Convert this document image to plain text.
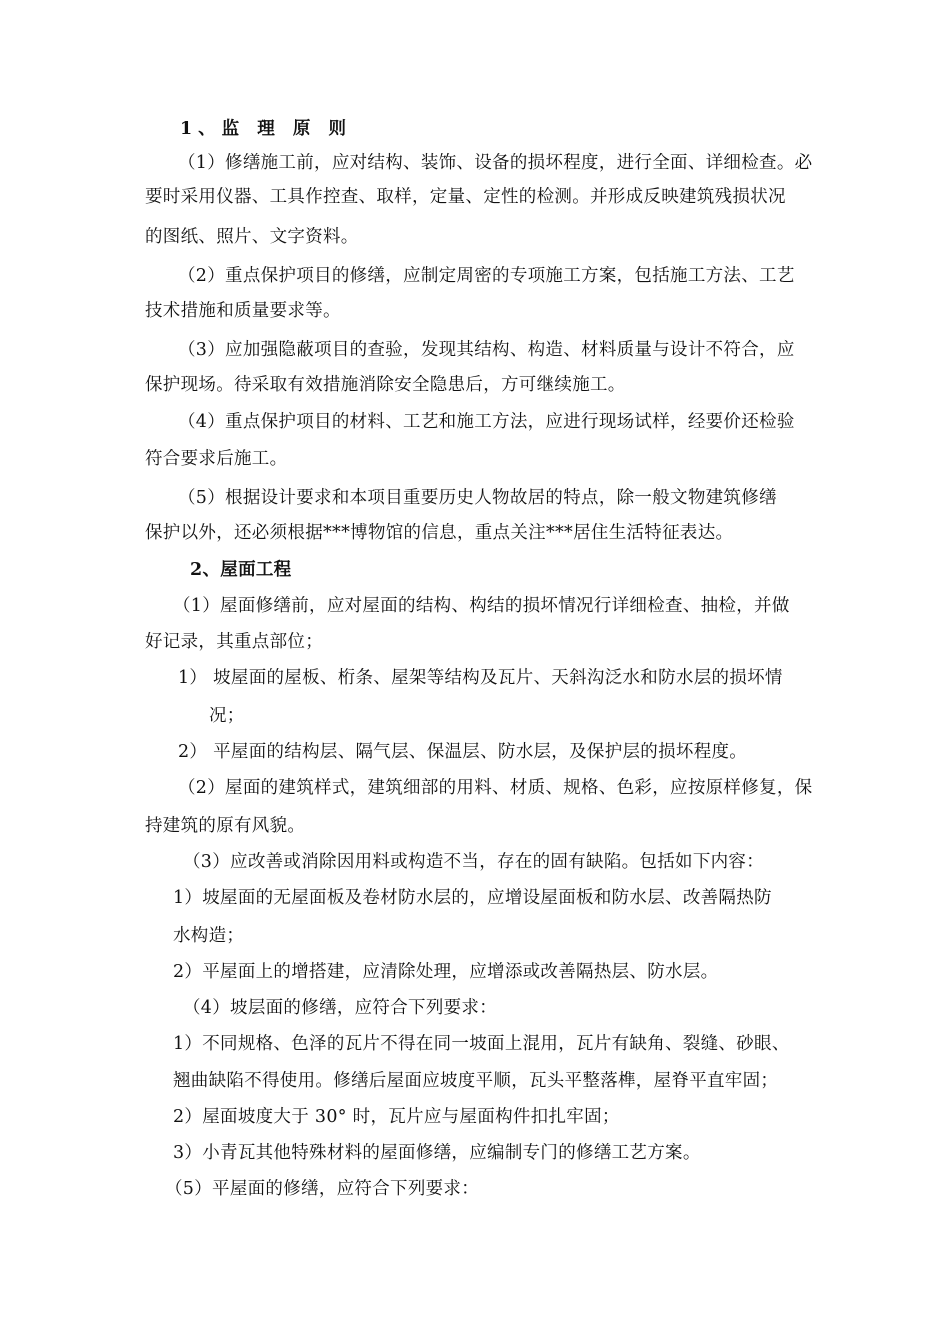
1、监 理 原 则
（1）修缮施工前，应对结构、装饰、设备的损坏程度，进行全面、详细检查。必
要时采用仪器、工具作控查、取样，定量、定性的检测。并形成反映建筑残损状况
的图纸、照片、文字资料。
（2）重点保护项目的修缮，应制定周密的专项施工方案，包括施工方法、工艺
技术措施和质量要求等。
（3）应加强隐蔽项目的查验，发现其结构、构造、材料质量与设计不符合，应
保护现场。待采取有效措施消除安全隐患后，方可继续施工。
（4）重点保护项目的材料、工艺和施工方法，应进行现场试样，经要价还检验
符合要求后施工。
（5）根据设计要求和本项目重要历史人物故居的特点，除一般文物建筑修缮
保护以外，还必须根据***博物馆的信息，重点关注***居住生活特征表达。
2、屋面工程
（1）屋面修缮前，应对屋面的结构、构结的损坏情况行详细检查、抽检，并做
好记录，其重点部位；
1） 坡屋面的屋板、桁条、屋架等结构及瓦片、天斜沟泛水和防水层的损坏情
况；
2） 平屋面的结构层、隔气层、保温层、防水层，及保护层的损坏程度。
（2）屋面的建筑样式，建筑细部的用料、材质、规格、色彩，应按原样修复，保
持建筑的原有风貌。
（3）应改善或消除因用料或构造不当，存在的固有缺陷。包括如下内容：
1）坡屋面的无屋面板及卷材防水层的，应增设屋面板和防水层、改善隔热防
水构造；
2）平屋面上的增搭建，应清除处理，应增添或改善隔热层、防水层。
（4）坡层面的修缮，应符合下列要求：
1）不同规格、色泽的瓦片不得在同一坡面上混用，瓦片有缺角、裂缝、砂眼、
翘曲缺陷不得使用。修缮后屋面应坡度平顺，瓦头平整落榫，屋脊平直牢固；
2）屋面坡度大于 30° 时，瓦片应与屋面构件扣扎牢固；
3）小青瓦其他特殊材料的屋面修缮，应编制专门的修缮工艺方案。
（5）平屋面的修缮，应符合下列要求：
